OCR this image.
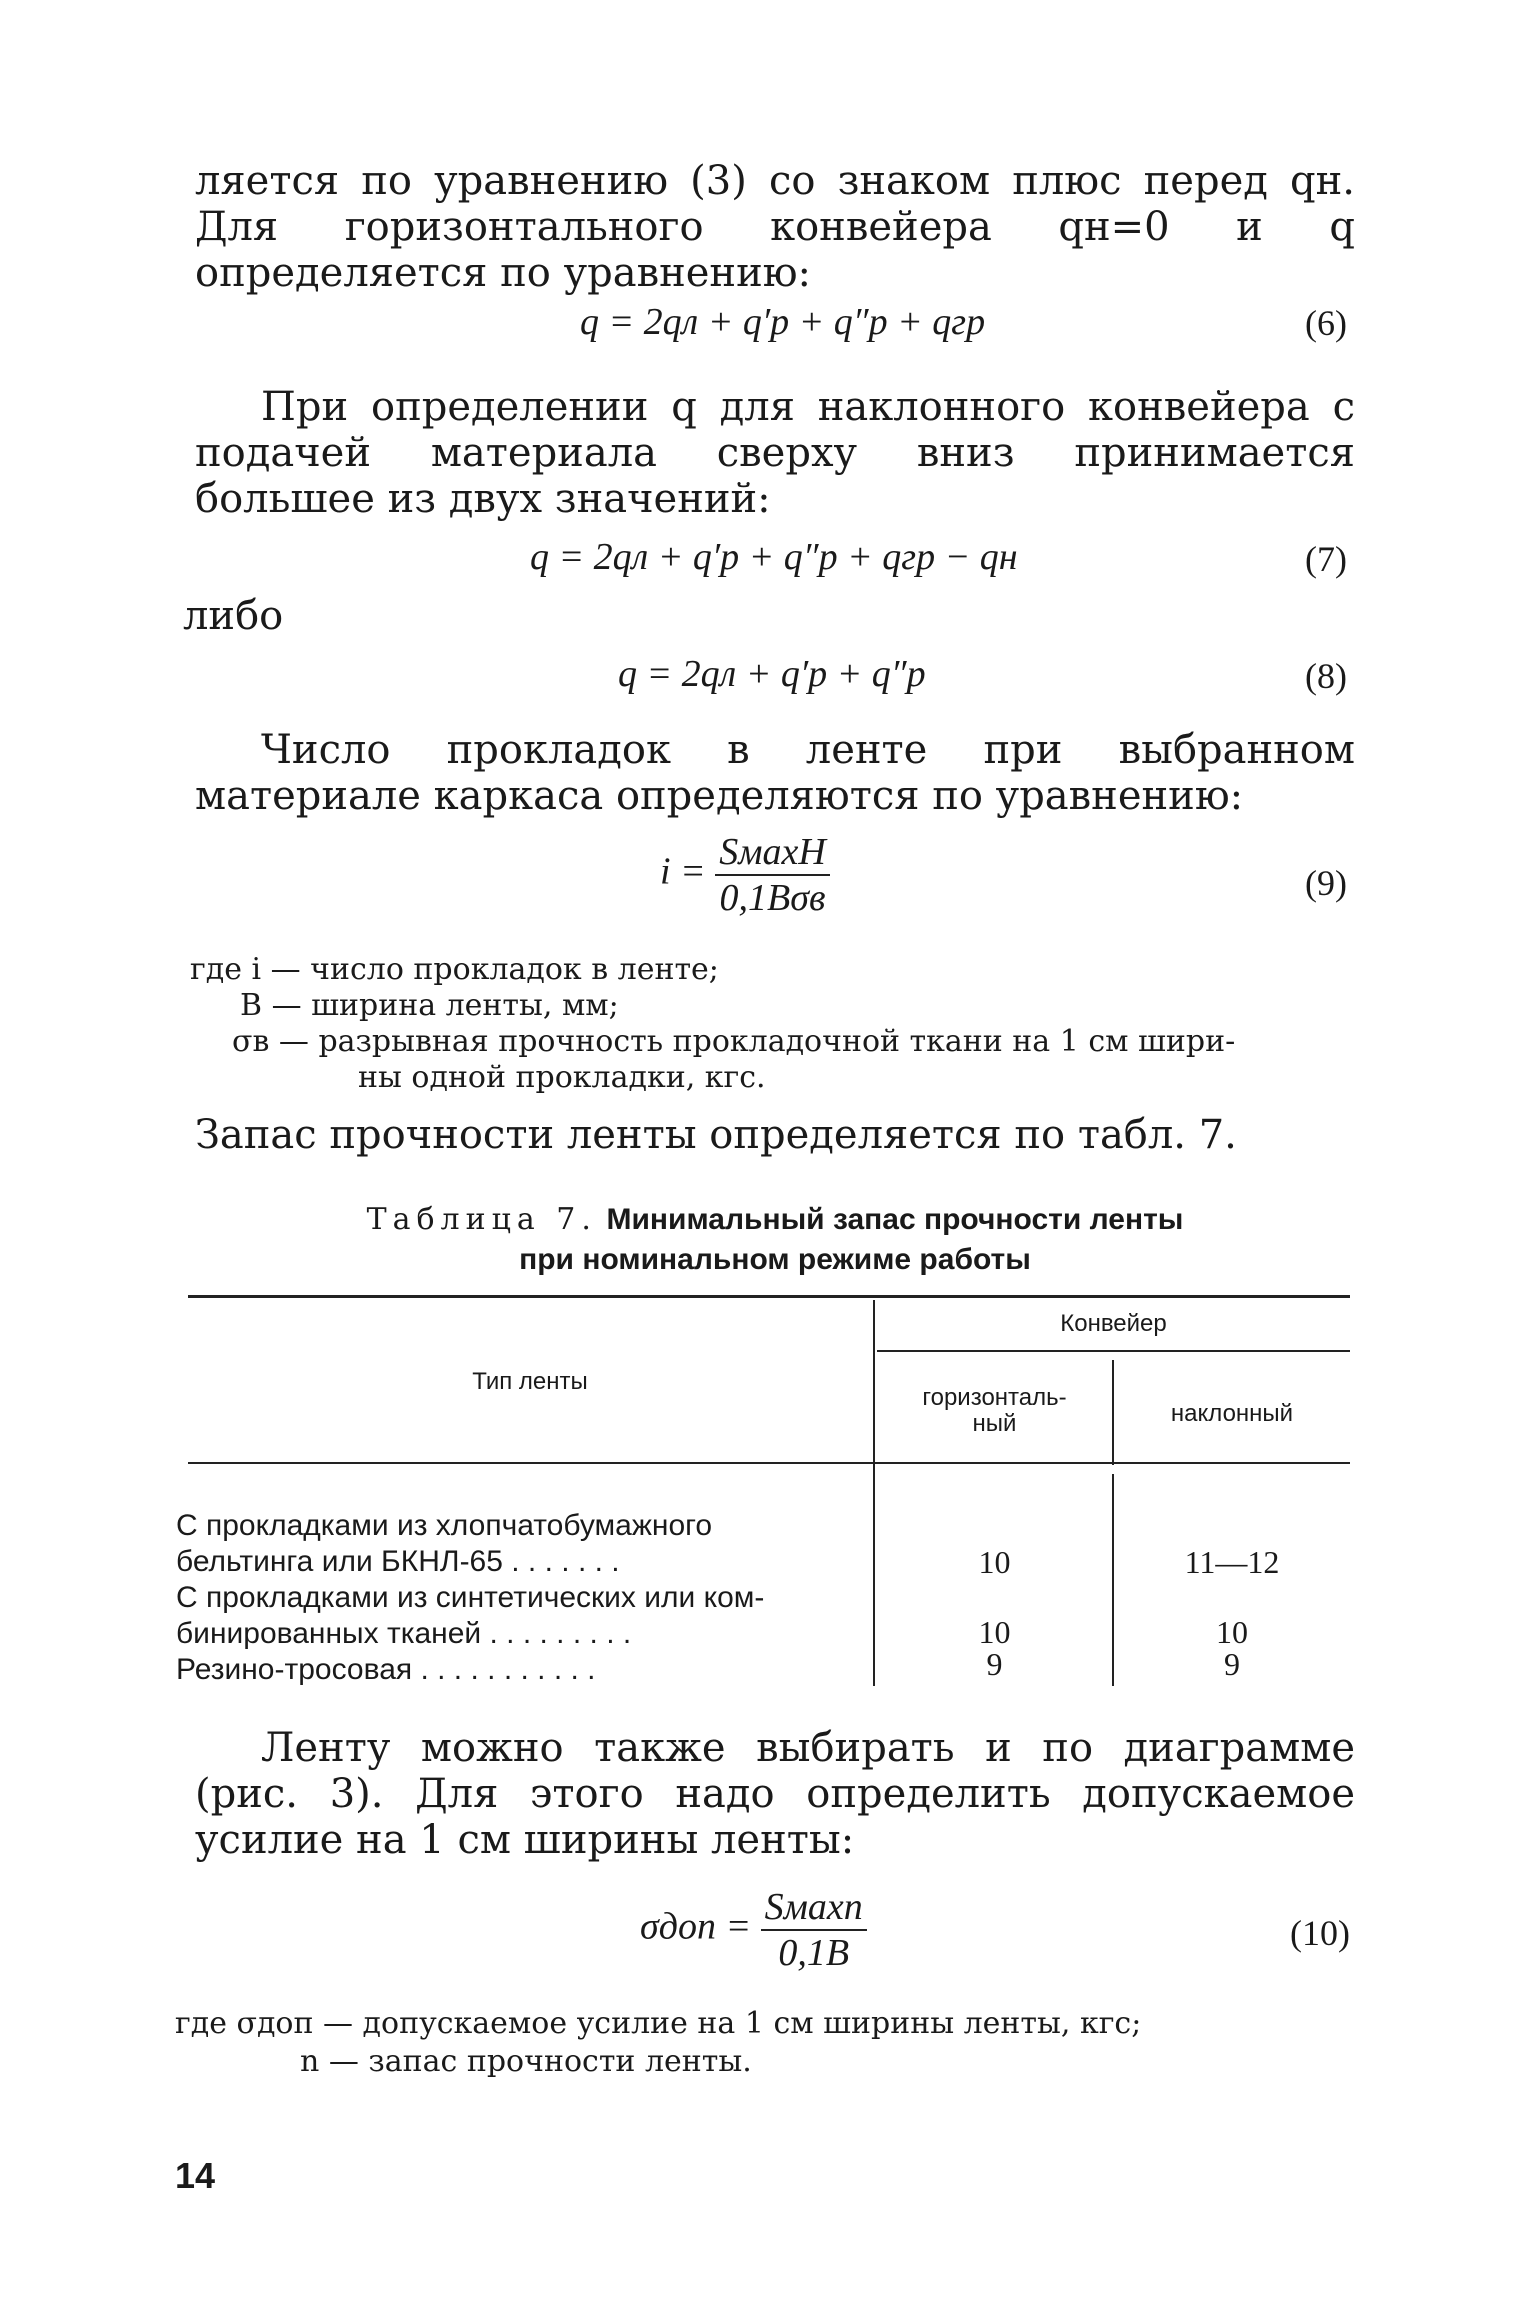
ляется по уравнению (3) со знаком плюс перед qн. Для горизонтального конвейера qн=0 и q определяется по уравнению:
q = 2qл + q′р + q″р + qгр	(6)
При определении q для наклонного конвейера с подачей материала сверху вниз принимается большее из двух значений:
q = 2qл + q′р + q″р + qгр − qн	(7)
либо
q = 2qл + q′р + q″р	(8)
Число прокладок в ленте при выбранном материале каркаса определяются по уравнению:
$i = \frac{\text{SмахH}}{\text{0,1Bσв}}$	(9)
где i — число прокладок в ленте;
B — ширина ленты, мм;
σв — разрывная прочность прокладочной ткани на 1 см шири-
ны одной прокладки, кгс.
Запас прочности ленты определяется по табл. 7.
Таблица 7. Минимальный запас прочности ленты
при номинальном режиме работы
Тип ленты
Конвейер
горизонталь-
ный	наклонный
С прокладками из хлопчатобумажного
бельтинга или БКНЛ-65 . . . . . . .	10	11—12
С прокладками из синтетических или ком-
бинированных тканей . . . . . . . . .	10	10
Резино-тросовая . . . . . . . . . . .	9	9
Ленту можно также выбирать и по диаграмме (рис. 3). Для этого надо определить допускаемое усилие на 1 см ширины ленты:
$\sigma доп = \frac{\text{Sмахn}}{0,1B}$	(10)
где σдоп — допускаемое усилие на 1 см ширины ленты, кгс;
n — запас прочности ленты.
14
